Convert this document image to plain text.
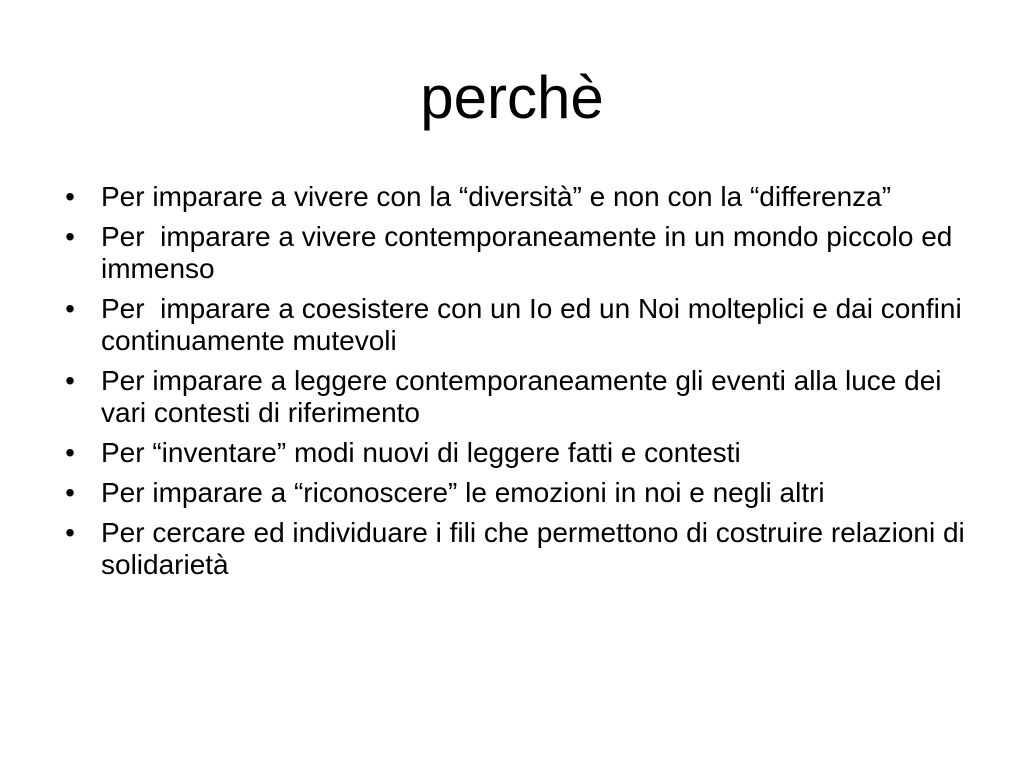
perchè
• Per imparare a vivere con la “diversità” e non con la “differenza”
• Per  imparare a vivere contemporaneamente in un mondo piccolo ed immenso
• Per  imparare a coesistere con un Io ed un Noi molteplici e dai confini continuamente mutevoli
• Per imparare a leggere contemporaneamente gli eventi alla luce dei vari contesti di riferimento
• Per “inventare” modi nuovi di leggere fatti e contesti
• Per imparare a “riconoscere” le emozioni in noi e negli altri
• Per cercare ed individuare i fili che permettono di costruire relazioni di solidarietà
